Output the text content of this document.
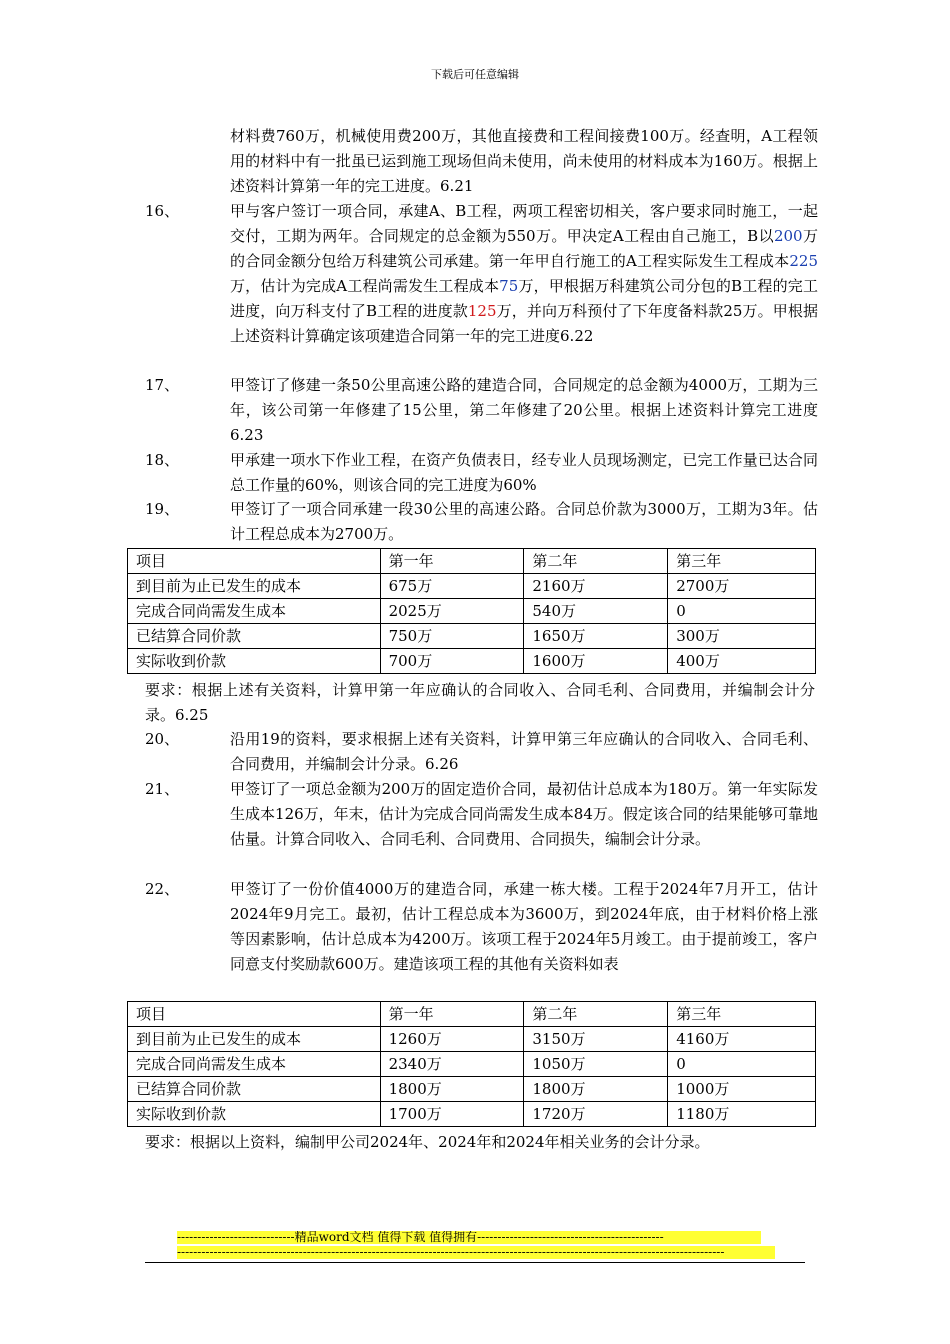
下载后可任意编辑
材料费760万，机械使用费200万，其他直接费和工程间接费100万。经查明，A工程领用的材料中有一批虽已运到施工现场但尚未使用，尚未使用的材料成本为160万。根据上述资料计算第一年的完工进度。6.21
16、	甲与客户签订一项合同，承建A、B工程，两项工程密切相关，客户要求同时施工，一起交付，工期为两年。合同规定的总金额为550万。甲决定A工程由自己施工，B以200万的合同金额分包给万科建筑公司承建。第一年甲自行施工的A工程实际发生工程成本225万，估计为完成A工程尚需发生工程成本75万，甲根据万科建筑公司分包的B工程的完工进度，向万科支付了B工程的进度款125万，并向万科预付了下年度备料款25万。甲根据上述资料计算确定该项建造合同第一年的完工进度6.22
17、	甲签订了修建一条50公里高速公路的建造合同，合同规定的总金额为4000万，工期为三年，该公司第一年修建了15公里，第二年修建了20公里。根据上述资料计算完工进度6.23
18、	甲承建一项水下作业工程，在资产负债表日，经专业人员现场测定，已完工作量已达合同总工作量的60%，则该合同的完工进度为60%
19、	甲签订了一项合同承建一段30公里的高速公路。合同总价款为3000万，工期为3年。估计工程总成本为2700万。
项目	第一年	第二年	第三年
到目前为止已发生的成本	675万	2160万	2700万
完成合同尚需发生成本	2025万	540万	0
已结算合同价款	750万	1650万	300万
实际收到价款	700万	1600万	400万
要求：根据上述有关资料，计算甲第一年应确认的合同收入、合同毛利、合同费用，并编制会计分录。6.25
20、	沿用19的资料，要求根据上述有关资料，计算甲第三年应确认的合同收入、合同毛利、合同费用，并编制会计分录。6.26
21、	甲签订了一项总金额为200万的固定造价合同，最初估计总成本为180万。第一年实际发生成本126万，年末，估计为完成合同尚需发生成本84万。假定该合同的结果能够可靠地估量。计算合同收入、合同毛利、合同费用、合同损失，编制会计分录。
22、	甲签订了一份价值4000万的建造合同，承建一栋大楼。工程于2024年7月开工，估计2024年9月完工。最初，估计工程总成本为3600万，到2024年底，由于材料价格上涨等因素影响，估计总成本为4200万。该项工程于2024年5月竣工。由于提前竣工，客户同意支付奖励款600万。建造该项工程的其他有关资料如表
项目	第一年	第二年	第三年
到目前为止已发生的成本	1260万	3150万	4160万
完成合同尚需发生成本	2340万	1050万	0
已结算合同价款	1800万	1800万	1000万
实际收到价款	1700万	1720万	1180万
要求：根据以上资料，编制甲公司2024年、2024年和2024年相关业务的会计分录。
-----------------------------精品word文档 值得下载 值得拥有----------------------------------------------
---------------------------------------------------------------------------------------------------------------------------------------
